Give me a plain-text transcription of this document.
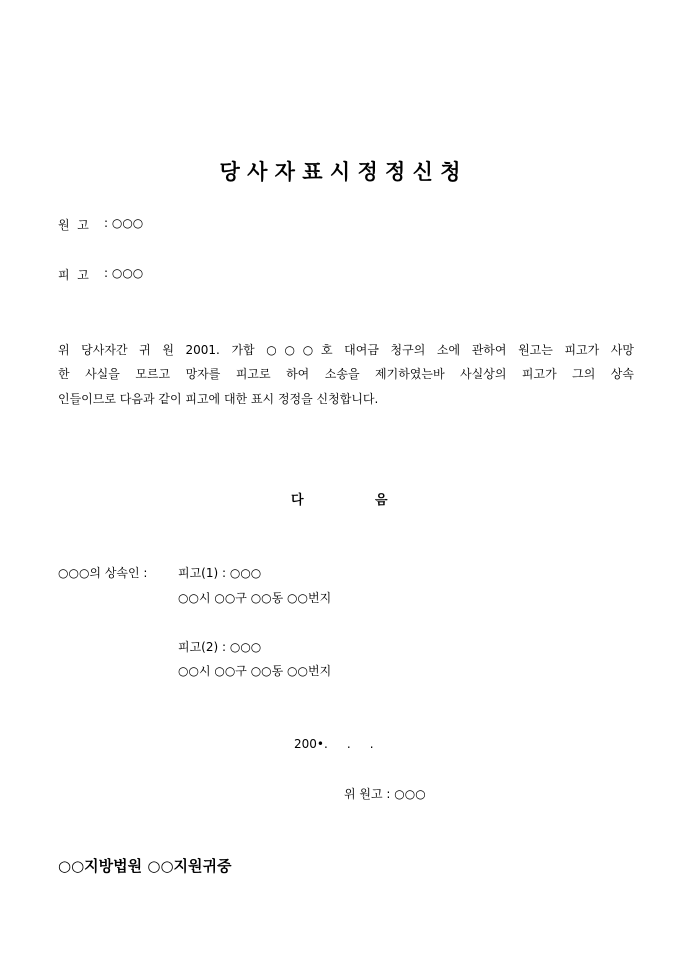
당 사 자 표 시 정 정 신 청
원  고 : ○○○
피  고 : ○○○
위 당사자간 귀 원 2001. 가합 ○○○호 대여금 청구의 소에 관하여 원고는 피고가 사망
한 사실을 모르고 망자를 피고로 하여 소송을 제기하였는바 사실상의 피고가 그의 상속
인들이므로 다음과 같이 피고에 대한 표시 정정을 신청합니다.
다	음
○○○의 상속인 :	피고(1) : ○○○
○○시 ○○구 ○○동 ○○번지
피고(2) : ○○○
○○시 ○○구 ○○동 ○○번지
200•.     .     .
위 원고 : ○○○
○○지방법원 ○○지원귀중
